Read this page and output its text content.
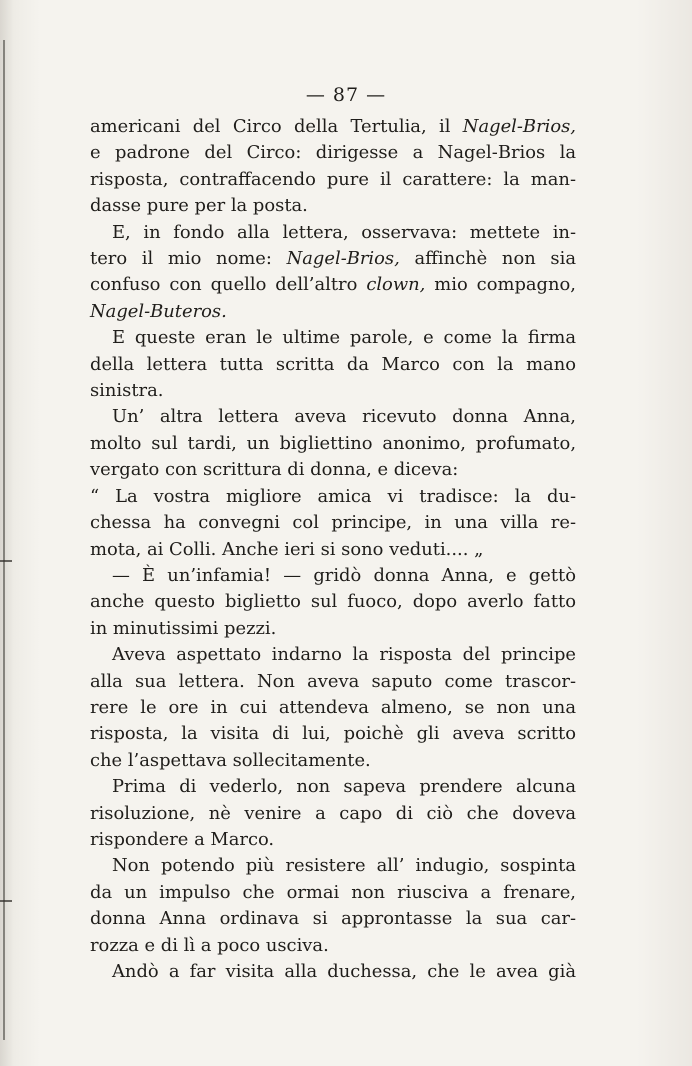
— 87 —
americani del Circo della Tertulia, il Nagel-Brios,
e padrone del Circo: dirigesse a Nagel-Brios la
risposta, contraffacendo pure il carattere: la man-
dasse pure per la posta.
E, in fondo alla lettera, osservava: mettete in-
tero il mio nome: Nagel-Brios, affinchè non sia
confuso con quello dell’altro clown, mio compagno,
Nagel-Buteros.
E queste eran le ultime parole, e come la firma
della lettera tutta scritta da Marco con la mano
sinistra.
Un’ altra lettera aveva ricevuto donna Anna,
molto sul tardi, un bigliettino anonimo, profumato,
vergato con scrittura di donna, e diceva:
“ La vostra migliore amica vi tradisce: la du-
chessa ha convegni col principe, in una villa re-
mota, ai Colli. Anche ieri si sono veduti.... „
— È un’infamia! — gridò donna Anna, e gettò
anche questo biglietto sul fuoco, dopo averlo fatto
in minutissimi pezzi.
Aveva aspettato indarno la risposta del principe
alla sua lettera. Non aveva saputo come trascor-
rere le ore in cui attendeva almeno, se non una
risposta, la visita di lui, poichè gli aveva scritto
che l’aspettava sollecitamente.
Prima di vederlo, non sapeva prendere alcuna
risoluzione, nè venire a capo di ciò che doveva
rispondere a Marco.
Non potendo più resistere all’ indugio, sospinta
da un impulso che ormai non riusciva a frenare,
donna Anna ordinava si approntasse la sua car-
rozza e di lì a poco usciva.
Andò a far visita alla duchessa, che le avea già
